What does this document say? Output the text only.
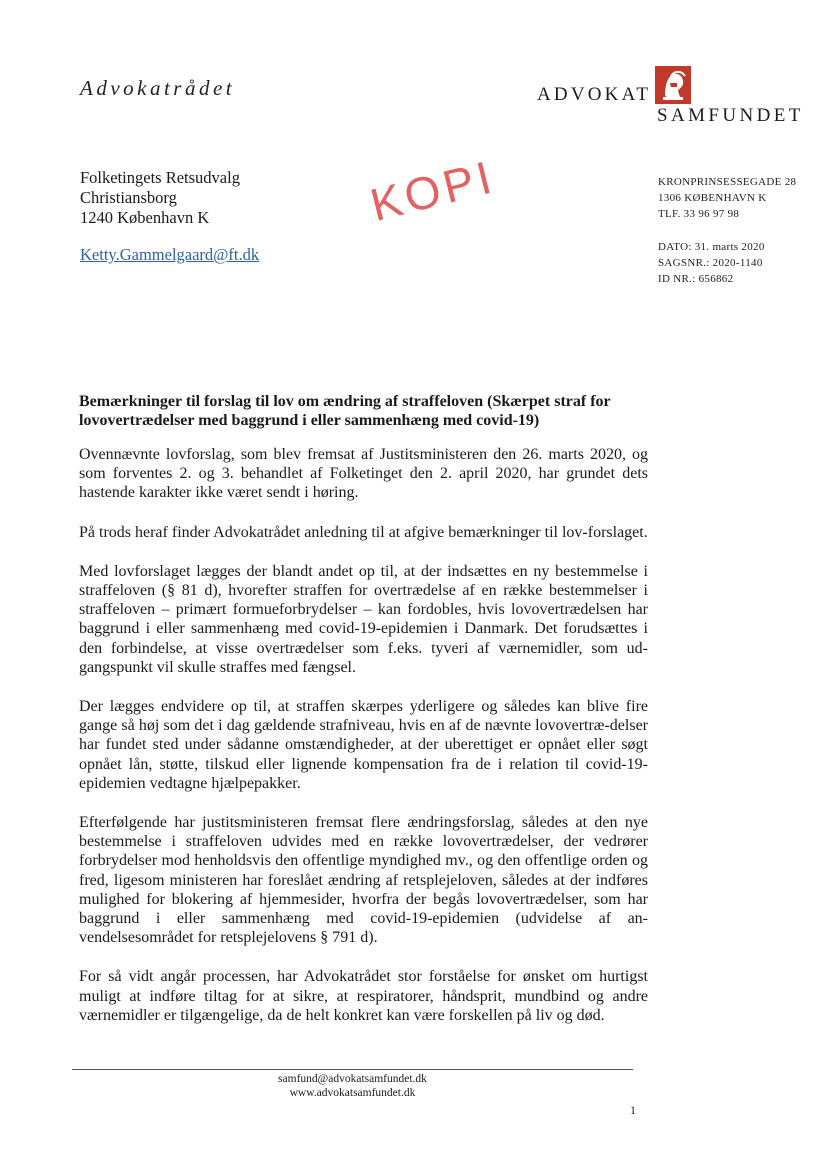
Advokatrådet	ADVOKAT
SAMFUNDET
Folketingets Retsudvalg
Christiansborg
1240 København K
Ketty.Gammelgaard@ft.dk
KOPI	KRONPRINSESSEGADE 28
1306 KØBENHAVN K
TLF. 33 96 97 98
DATO: 31. marts 2020
SAGSNR.: 2020-1140
ID NR.: 656862
Bemærkninger til forslag til lov om ændring af straffeloven (Skærpet straf for lovovertrædelser med baggrund i eller sammenhæng med covid-19)

Ovennævnte lovforslag, som blev fremsat af Justitsministeren den 26. marts 2020, og som forventes 2. og 3. behandlet af Folketinget den 2. april 2020, har grundet dets hastende karakter ikke været sendt i høring.

På trods heraf finder Advokatrådet anledning til at afgive bemærkninger til lov-forslaget.

Med lovforslaget lægges der blandt andet op til, at der indsættes en ny bestemmelse i straffeloven (§ 81 d), hvorefter straffen for overtrædelse af en række bestemmelser i straffeloven – primært formueforbrydelser – kan fordobles, hvis lovovertrædelsen har baggrund i eller sammenhæng med covid-19-epidemien i Danmark. Det forudsættes i den forbindelse, at visse overtrædelser som f.eks. tyveri af værnemidler, som ud-gangspunkt vil skulle straffes med fængsel.

Der lægges endvidere op til, at straffen skærpes yderligere og således kan blive fire gange så høj som det i dag gældende strafniveau, hvis en af de nævnte lovovertræ-delser har fundet sted under sådanne omstændigheder, at der uberettiget er opnået eller søgt opnået lån, støtte, tilskud eller lignende kompensation fra de i relation til covid-19-epidemien vedtagne hjælpepakker.

Efterfølgende har justitsministeren fremsat flere ændringsforslag, således at den nye bestemmelse i straffeloven udvides med en række lovovertrædelser, der vedrører forbrydelser mod henholdsvis den offentlige myndighed mv., og den offentlige orden og fred, ligesom ministeren har foreslået ændring af retsplejeloven, således at der indføres mulighed for blokering af hjemmesider, hvorfra der begås lovovertrædelser, som har baggrund i eller sammenhæng med covid-19-epidemien (udvidelse af an-vendelsesområdet for retsplejelovens § 791 d).

For så vidt angår processen, har Advokatrådet stor forståelse for ønsket om hurtigst muligt at indføre tiltag for at sikre, at respiratorer, håndsprit, mundbind og andre værnemidler er tilgængelige, da de helt konkret kan være forskellen på liv og død.

samfund@advokatsamfundet.dk
www.advokatsamfundet.dk
1
